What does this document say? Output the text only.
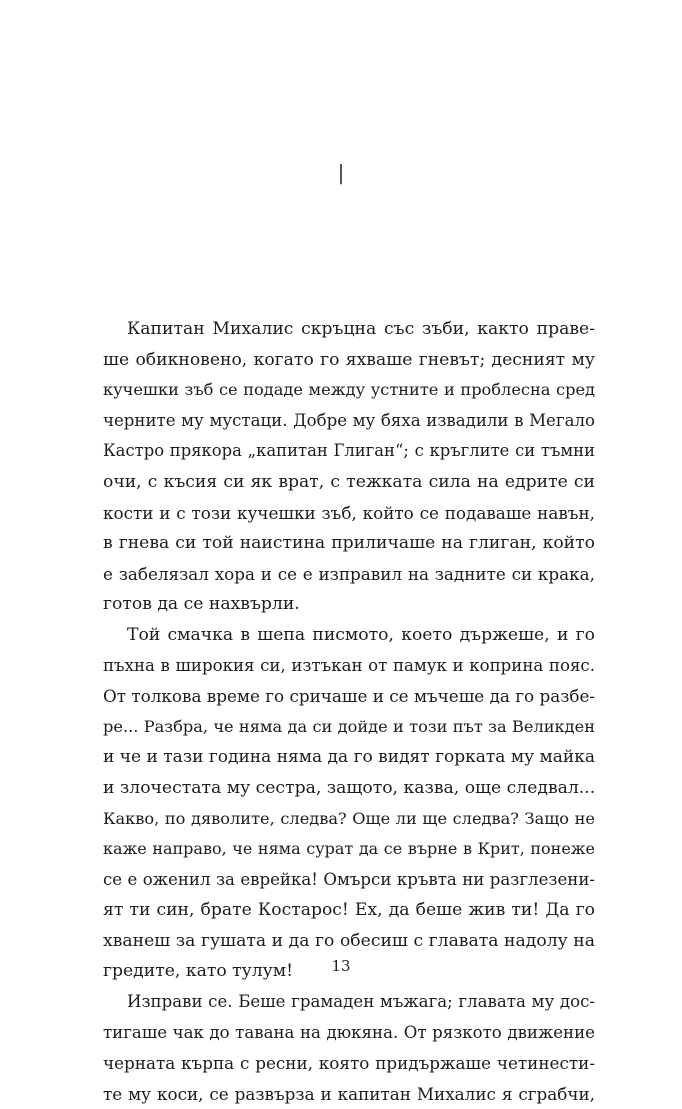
I
Капитан Михалис скръцна със зъби, както праве-
ше обикновено, когато го яхваше гневът; десният му
кучешки зъб се подаде между устните и проблесна сред
черните му мустаци. Добре му бяха извадили в Мегало
Кастро прякора „капитан Глиган“; с кръглите си тъмни
очи, с късия си як врат, с тежката сила на едрите си
кости и с този кучешки зъб, който се подаваше навън,
в гнева си той наистина приличаше на глиган, който
е забелязал хора и се е изправил на задните си крака,
готов да се нахвърли.
Той смачка в шепа писмото, което държеше, и го
пъхна в широкия си, изтъкан от памук и коприна пояс.
От толкова време го сричаше и се мъчеше да го разбе-
ре... Разбра, че няма да си дойде и този път за Великден
и че и тази година няма да го видят горката му майка
и злочестата му сестра, защото, казва, още следвал...
Какво, по дяволите, следва? Още ли ще следва? Защо не
каже направо, че няма сурат да се върне в Крит, понеже
се е оженил за еврейка! Омърси кръвта ни разглезени-
ят ти син, брате Костарос! Ех, да беше жив ти! Да го
хванеш за гушата и да го обесиш с главата надолу на
гредите, като тулум!
Изправи се. Беше грамаден мъжага; главата му дос-
тигаше чак до тавана на дюкяна. От рязкото движение
черната кърпа с ресни, която придържаше четинести-
те му коси, се развърза и капитан Михалис я сграбчи,
13
